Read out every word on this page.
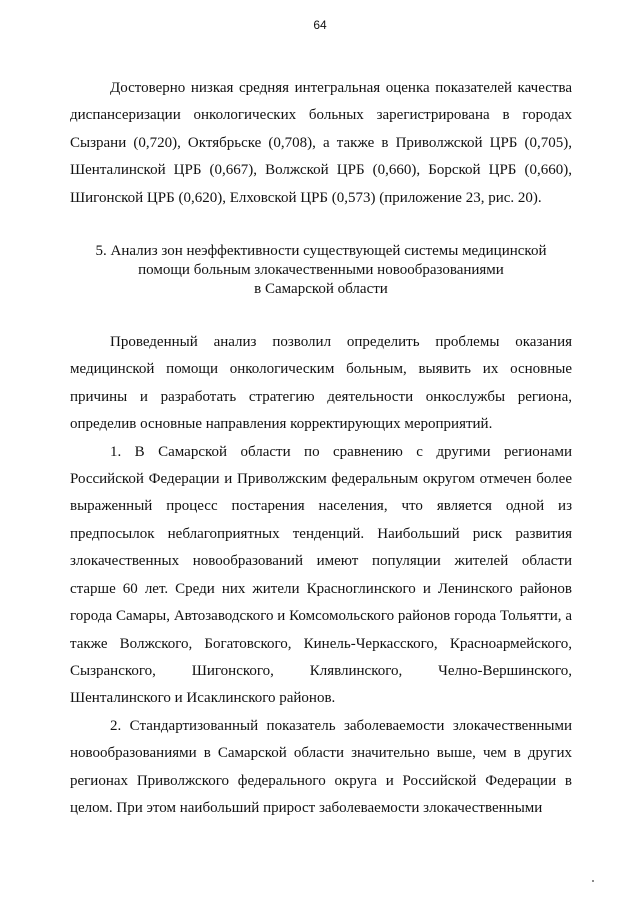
64

Достоверно низкая средняя интегральная оценка показателей качества диспансеризации онкологических больных зарегистрирована в городах Сызрани (0,720), Октябрьске (0,708), а также в Приволжской ЦРБ (0,705), Шенталинской ЦРБ (0,667), Волжской ЦРБ (0,660), Борской ЦРБ (0,660), Шигонской ЦРБ (0,620), Елховской ЦРБ (0,573) (приложение 23, рис. 20).

5. Анализ зон неэффективности существующей системы медицинской
помощи больным злокачественными новообразованиями
в Самарской области

Проведенный анализ позволил определить проблемы оказания медицинской помощи онкологическим больным, выявить их основные причины и разработать стратегию деятельности онкослужбы региона, определив основные направления корректирующих мероприятий.

1. В Самарской области по сравнению с другими регионами Российской Федерации и Приволжским федеральным округом отмечен более выраженный процесс постарения населения, что является одной из предпосылок неблагоприятных тенденций. Наибольший риск развития злокачественных новообразований имеют популяции жителей области старше 60 лет. Среди них жители Красноглинского и Ленинского районов города Самары, Автозаводского и Комсомольского районов города Тольятти, а также Волжского, Богатовского, Кинель-Черкасского, Красноармейского, Сызранского, Шигонского, Клявлинского, Челно-Вершинского, Шенталинского и Исаклинского районов.

2. Стандартизованный показатель заболеваемости злокачественными новообразованиями в Самарской области значительно выше, чем в других регионах Приволжского федерального округа и Российской Федерации в целом. При этом наибольший прирост заболеваемости злокачественными
